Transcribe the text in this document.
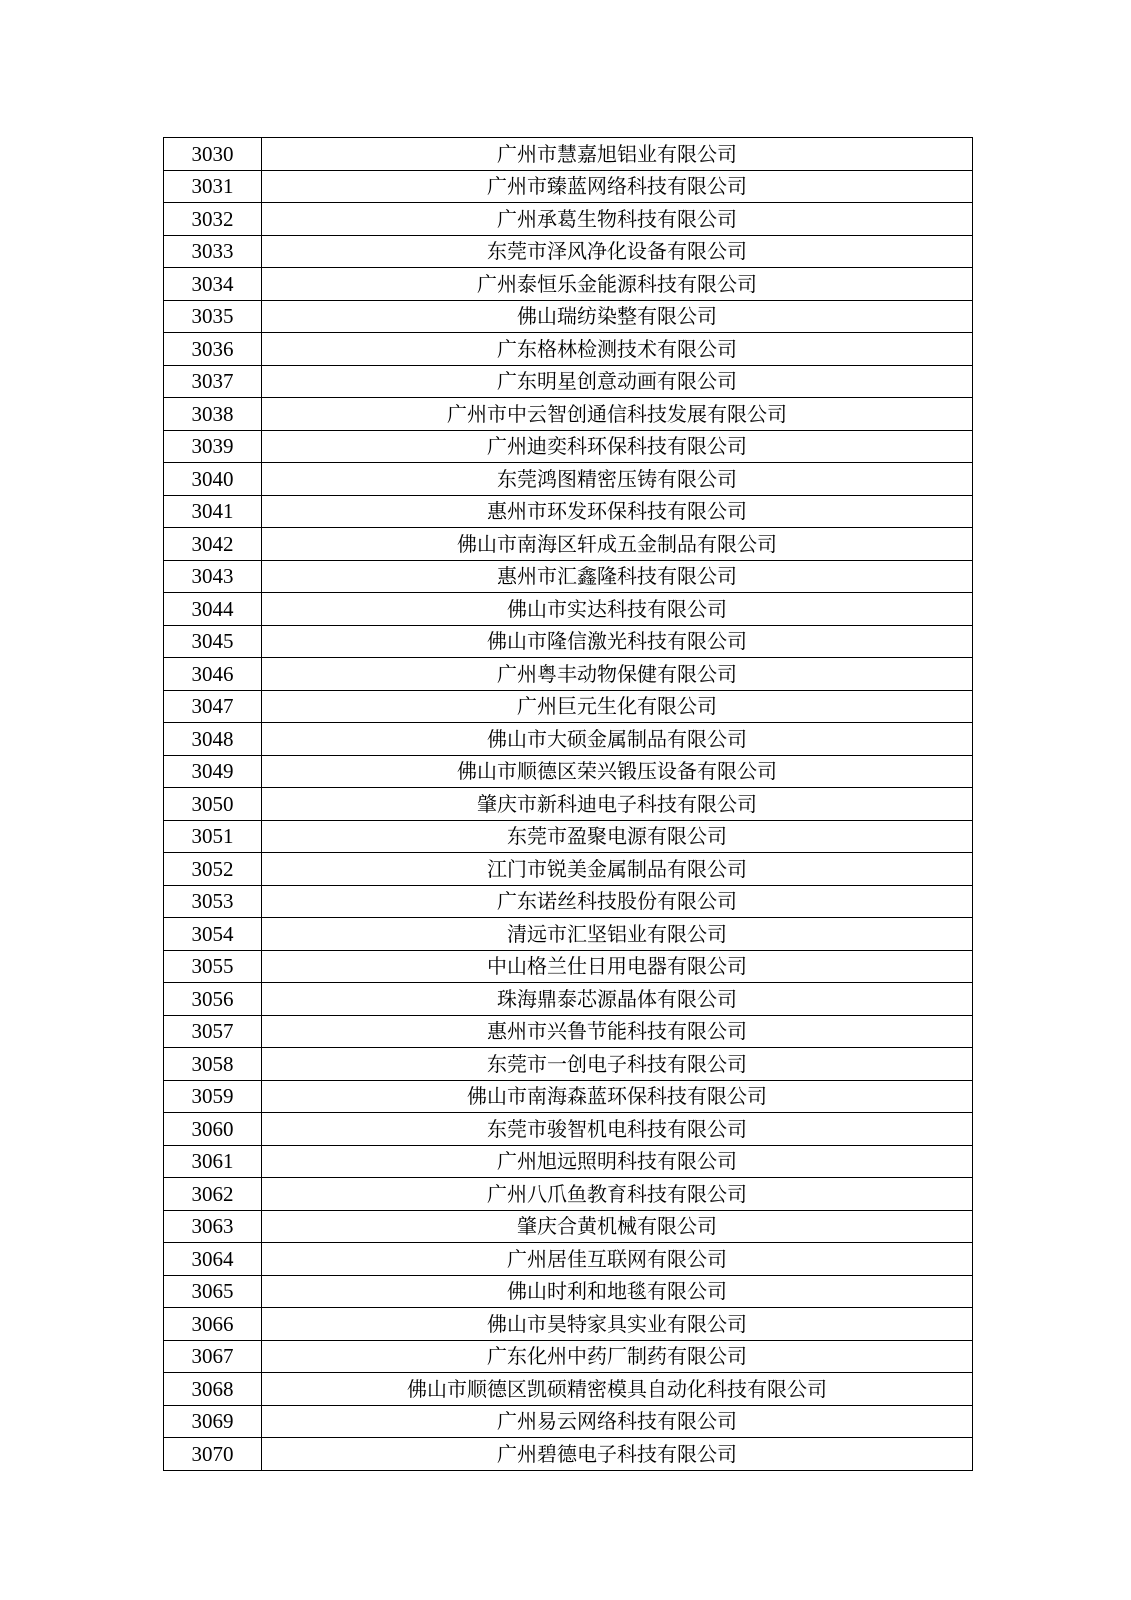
3030	广州市慧嘉旭铝业有限公司
3031	广州市臻蓝网络科技有限公司
3032	广州承葛生物科技有限公司
3033	东莞市泽风净化设备有限公司
3034	广州泰恒乐金能源科技有限公司
3035	佛山瑞纺染整有限公司
3036	广东格林检测技术有限公司
3037	广东明星创意动画有限公司
3038	广州市中云智创通信科技发展有限公司
3039	广州迪奕科环保科技有限公司
3040	东莞鸿图精密压铸有限公司
3041	惠州市环发环保科技有限公司
3042	佛山市南海区轩成五金制品有限公司
3043	惠州市汇鑫隆科技有限公司
3044	佛山市实达科技有限公司
3045	佛山市隆信激光科技有限公司
3046	广州粤丰动物保健有限公司
3047	广州巨元生化有限公司
3048	佛山市大硕金属制品有限公司
3049	佛山市顺德区荣兴锻压设备有限公司
3050	肇庆市新科迪电子科技有限公司
3051	东莞市盈聚电源有限公司
3052	江门市锐美金属制品有限公司
3053	广东诺丝科技股份有限公司
3054	清远市汇坚铝业有限公司
3055	中山格兰仕日用电器有限公司
3056	珠海鼎泰芯源晶体有限公司
3057	惠州市兴鲁节能科技有限公司
3058	东莞市一创电子科技有限公司
3059	佛山市南海森蓝环保科技有限公司
3060	东莞市骏智机电科技有限公司
3061	广州旭远照明科技有限公司
3062	广州八爪鱼教育科技有限公司
3063	肇庆合黄机械有限公司
3064	广州居佳互联网有限公司
3065	佛山时利和地毯有限公司
3066	佛山市昊特家具实业有限公司
3067	广东化州中药厂制药有限公司
3068	佛山市顺德区凯硕精密模具自动化科技有限公司
3069	广州易云网络科技有限公司
3070	广州碧德电子科技有限公司
